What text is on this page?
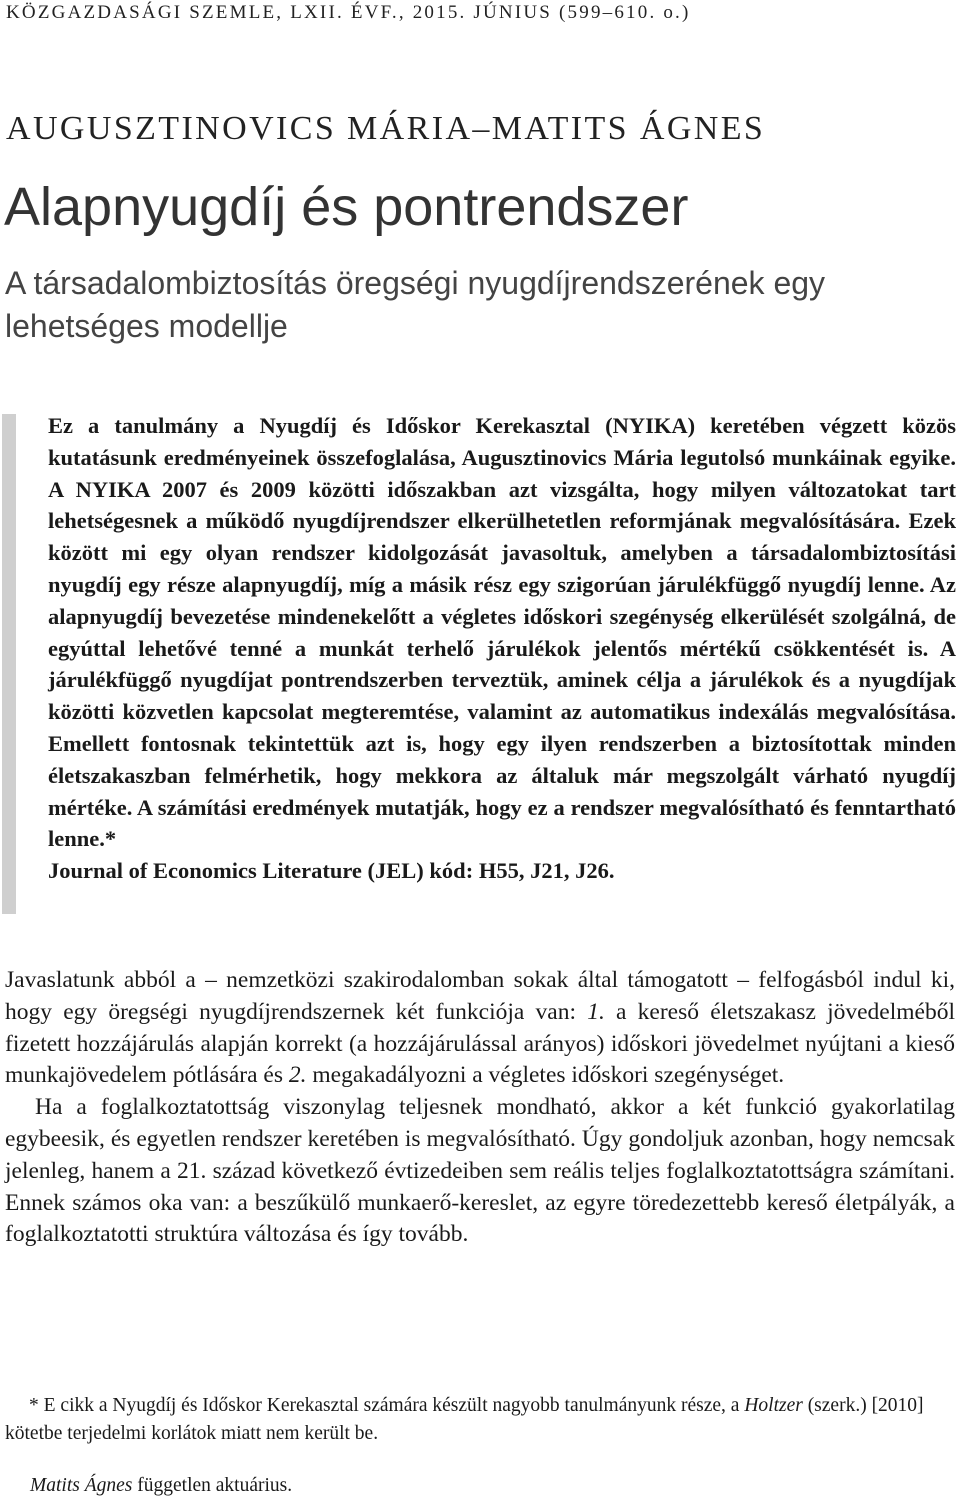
KÖZGAZDASÁGI SZEMLE, LXII. ÉVF., 2015. JÚNIUS (599–610. o.)
AUGUSZTINOVICS MÁRIA–MATITS ÁGNES
Alapnyugdíj és pontrendszer
A társadalombiztosítás öregségi nyugdíjrendszerének egy lehetséges modellje

Ez a tanulmány a Nyugdíj és Időskor Kerekasztal (NYIKA) keretében végzett közös kutatásunk eredményeinek összefoglalása, Augusztinovics Mária legutolsó munkáinak egyike. A NYIKA 2007 és 2009 közötti időszakban azt vizsgálta, hogy milyen változatokat tart lehetségesnek a működő nyugdíjrendszer elkerülhetetlen reformjának megvalósítására. Ezek között mi egy olyan rendszer kidolgozását javasoltuk, amelyben a társadalombiztosítási nyugdíj egy része alapnyugdíj, míg a másik rész egy szigorúan járulékfüggő nyugdíj lenne. Az alapnyugdíj bevezetése mindenekelőtt a végletes időskori szegénység elkerülését szolgálná, de egyúttal lehetővé tenné a munkát terhelő járulékok jelentős mértékű csökkentését is. A járulékfüggő nyugdíjat pontrendszerben terveztük, aminek célja a járulékok és a nyugdíjak közötti közvetlen kapcsolat megteremtése, valamint az automatikus indexálás megvalósítása. Emellett fontosnak tekintettük azt is, hogy egy ilyen rendszerben a biztosítottak minden életszakaszban felmérhetik, hogy mekkora az általuk már megszolgált várható nyugdíj mértéke. A számítási eredmények mutatják, hogy ez a rendszer megvalósítható és fenntartható lenne.*

Journal of Economics Literature (JEL) kód: H55, J21, J26.

Javaslatunk abból a – nemzetközi szakirodalomban sokak által támogatott – felfogásból indul ki, hogy egy öregségi nyugdíjrendszernek két funkciója van: 1. a kereső életszakasz jövedelméből fizetett hozzájárulás alapján korrekt (a hozzájárulással arányos) időskori jövedelmet nyújtani a kieső munkajövedelem pótlására és 2. megakadályozni a végletes időskori szegénységet.

Ha a foglalkoztatottság viszonylag teljesnek mondható, akkor a két funkció gyakorlatilag egybeesik, és egyetlen rendszer keretében is megvalósítható. Úgy gondoljuk azonban, hogy nemcsak jelenleg, hanem a 21. század következő évtizedeiben sem reális teljes foglalkoztatottságra számítani. Ennek számos oka van: a beszűkülő munkaerő-kereslet, az egyre töredezettebb kereső életpályák, a foglalkoztatotti struktúra változása és így tovább.

* E cikk a Nyugdíj és Időskor Kerekasztal számára készült nagyobb tanulmányunk része, a Holtzer (szerk.) [2010] kötetbe terjedelmi korlátok miatt nem került be.
Matits Ágnes független aktuárius.
